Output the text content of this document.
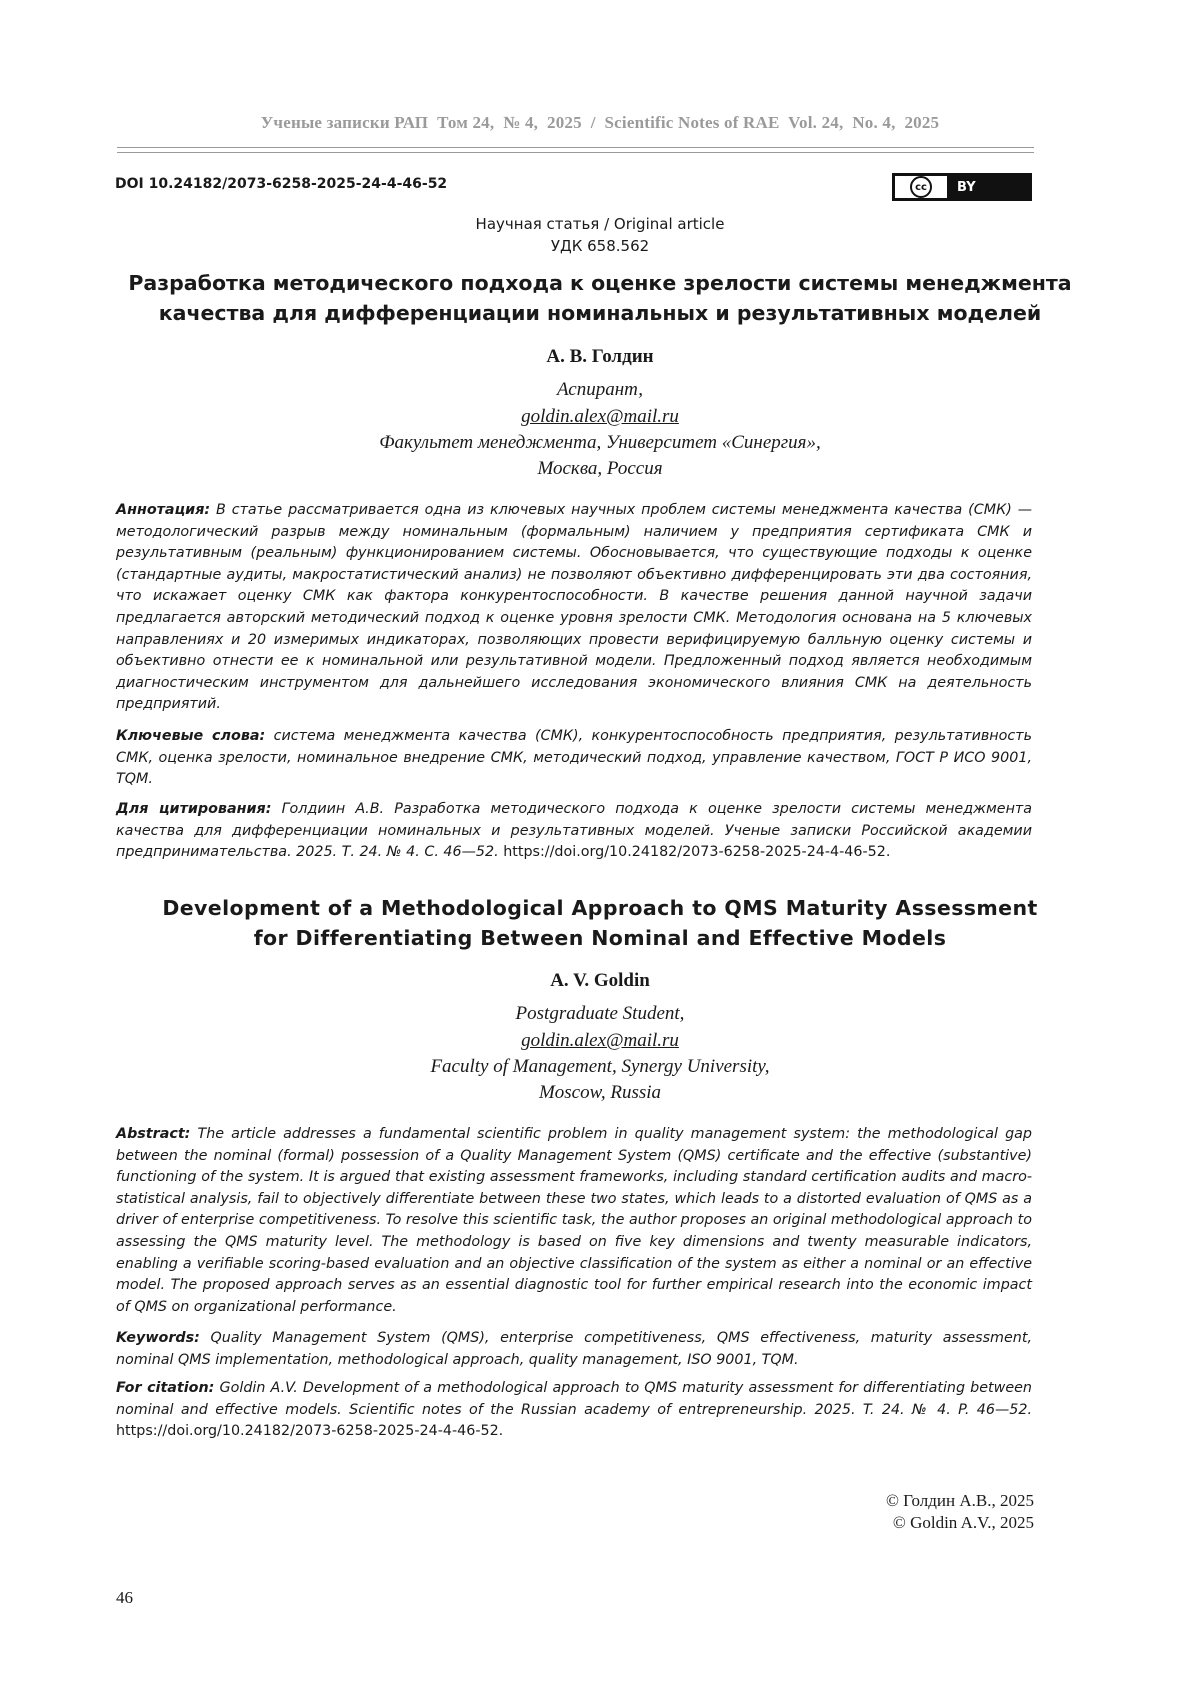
Ученые записки РАП  Том 24,  № 4,  2025  /  Scientific Notes of RAE  Vol. 24,  No. 4,  2025
DOI 10.24182/2073-6258-2025-24-4-46-52	cc	BY
Научная статья / Original article
УДК 658.562
Разработка методического подхода к оценке зрелости системы менеджмента
качества для дифференциации номинальных и результативных моделей
А. В. Голдин
Аспирант,
goldin.alex@mail.ru
Факультет менеджмента, Университет «Синергия»,
Москва, Россия
Аннотация: В статье рассматривается одна из ключевых научных проблем системы менеджмента качества (СМК) — методологический разрыв между номинальным (формальным) наличием у предприятия сертификата СМК и результативным (реальным) функционированием системы. Обосновывается, что существующие подходы к оценке (стандартные аудиты, макростатистический анализ) не позволяют объективно дифференцировать эти два состояния, что искажает оценку СМК как фактора конкурентоспособности. В качестве решения данной научной задачи предлагается авторский методический подход к оценке уровня зрелости СМК. Методология основана на 5 ключевых направлениях и 20 измеримых индикаторах, позволяющих провести верифицируемую балльную оценку системы и объективно отнести ее к номинальной или результативной модели. Предложенный подход является необходимым диагностическим инструментом для дальнейшего исследования экономического влияния СМК на деятельность предприятий.
Ключевые слова: система менеджмента качества (СМК), конкурентоспособность предприятия, результативность СМК, оценка зрелости, номинальное внедрение СМК, методический подход, управление качеством, ГОСТ Р ИСО 9001, TQM.
Для цитирования: Голдиин А.В. Разработка методического подхода к оценке зрелости системы менеджмента качества для дифференциации номинальных и результативных моделей. Ученые записки Российской академии предпринимательства. 2025. Т. 24. № 4. С. 46—52. https://doi.org/10.24182/2073-6258-2025-24-4-46-52.
Development of a Methodological Approach to QMS Maturity Assessment
for Differentiating Between Nominal and Effective Models
A. V. Goldin
Postgraduate Student,
goldin.alex@mail.ru
Faculty of Management, Synergy University,
Moscow, Russia
Abstract: The article addresses a fundamental scientific problem in quality management system: the methodological gap between the nominal (formal) possession of a Quality Management System (QMS) certificate and the effective (substantive) functioning of the system. It is argued that existing assessment frameworks, including standard certification audits and macro-statistical analysis, fail to objectively differentiate between these two states, which leads to a distorted evaluation of QMS as a driver of enterprise competitiveness. To resolve this scientific task, the author proposes an original methodological approach to assessing the QMS maturity level. The methodology is based on five key dimensions and twenty measurable indicators, enabling a verifiable scoring-based evaluation and an objective classification of the system as either a nominal or an effective model. The proposed approach serves as an essential diagnostic tool for further empirical research into the economic impact of QMS on organizational performance.
Keywords: Quality Management System (QMS), enterprise competitiveness, QMS effectiveness, maturity assessment, nominal QMS implementation, methodological approach, quality management, ISO 9001, TQM.
For citation: Goldin A.V. Development of a methodological approach to QMS maturity assessment for differentiating between nominal and effective models. Scientific notes of the Russian academy of entrepreneurship. 2025. T. 24. № 4. P. 46—52. https://doi.org/10.24182/2073-6258-2025-24-4-46-52.
© Голдин А.В., 2025
© Goldin A.V., 2025
46
